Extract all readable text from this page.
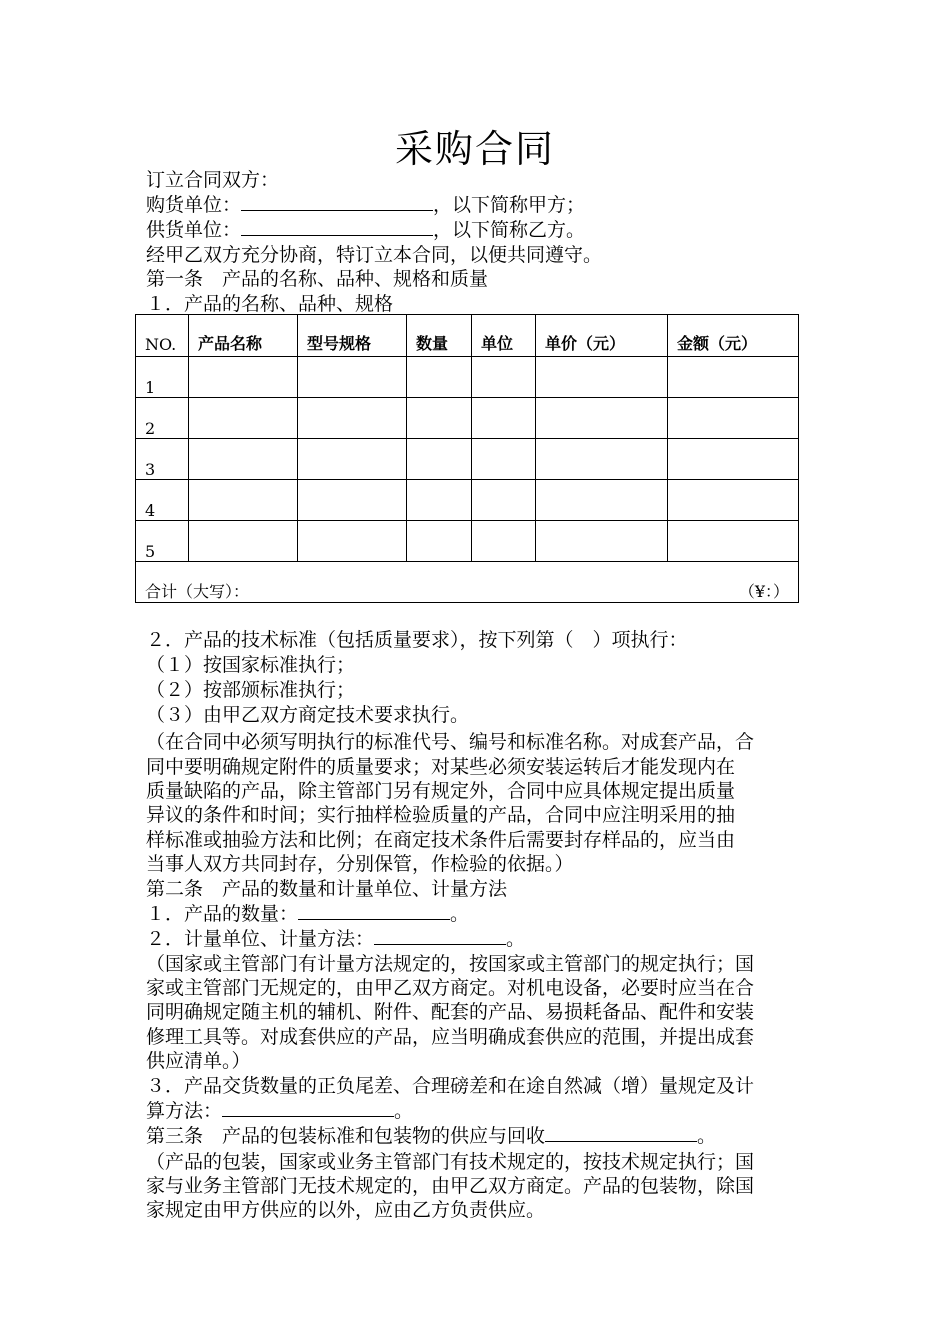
采购合同
订立合同双方：
购货单位：	，以下简称甲方；
供货单位：	，以下简称乙方。
经甲乙双方充分协商，特订立本合同，以便共同遵守。
第一条　产品的名称、品种、规格和质量
１．产品的名称、品种、规格
NO.	产品名称	型号规格	数量	单位	单价（元）	金额（元）
1						
2						
3						
4						
5						

合计（大写）： （¥：）						
２．产品的技术标准（包括质量要求），按下列第（　）项执行：
（１）按国家标准执行；
（２）按部颁标准执行；
（３）由甲乙双方商定技术要求执行。
（在合同中必须写明执行的标准代号、编号和标准名称。对成套产品，合
同中要明确规定附件的质量要求；对某些必须安装运转后才能发现内在
质量缺陷的产品，除主管部门另有规定外，合同中应具体规定提出质量
异议的条件和时间；实行抽样检验质量的产品，合同中应注明采用的抽
样标准或抽验方法和比例；在商定技术条件后需要封存样品的，应当由
当事人双方共同封存，分别保管，作检验的依据。）
第二条　产品的数量和计量单位、计量方法
１．产品的数量：	。
２．计量单位、计量方法：	。
（国家或主管部门有计量方法规定的，按国家或主管部门的规定执行；国
家或主管部门无规定的，由甲乙双方商定。对机电设备，必要时应当在合
同明确规定随主机的辅机、附件、配套的产品、易损耗备品、配件和安装
修理工具等。对成套供应的产品，应当明确成套供应的范围，并提出成套
供应清单。）
３．产品交货数量的正负尾差、合理磅差和在途自然减（增）量规定及计
算方法：	。
第三条　产品的包装标准和包装物的供应与回收	。
（产品的包装，国家或业务主管部门有技术规定的，按技术规定执行；国
家与业务主管部门无技术规定的，由甲乙双方商定。产品的包装物，除国
家规定由甲方供应的以外，应由乙方负责供应。
